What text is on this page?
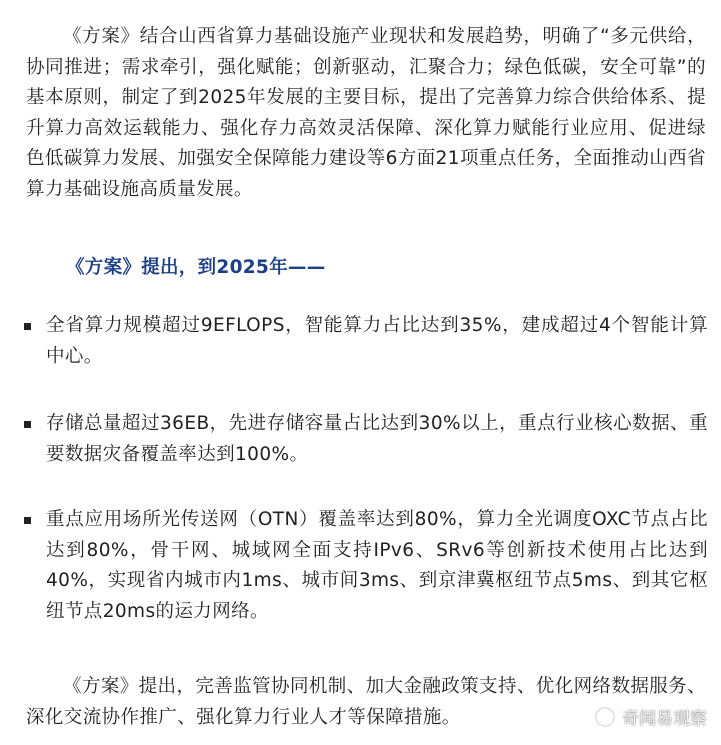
《方案》结合山西省算力基础设施产业现状和发展趋势，明确了“多元供给，协同推进；需求牵引，强化赋能；创新驱动，汇聚合力；绿色低碳，安全可靠”的基本原则，制定了到2025年发展的主要目标，提出了完善算力综合供给体系、提升算力高效运载能力、强化存力高效灵活保障、深化算力赋能行业应用、促进绿色低碳算力发展、加强安全保障能力建设等6方面21项重点任务，全面推动山西省算力基础设施高质量发展。

《方案》提出，到2025年——

全省算力规模超过9EFLOPS，智能算力占比达到35%，建成超过4个智能计算中心。
存储总量超过36EB，先进存储容量占比达到30%以上，重点行业核心数据、重要数据灾备覆盖率达到100%。
重点应用场所光传送网（OTN）覆盖率达到80%，算力全光调度OXC节点占比达到80%，骨干网、城域网全面支持IPv6、SRv6等创新技术使用占比达到40%，实现省内城市内1ms、城市间3ms、到京津冀枢纽节点5ms、到其它枢纽节点20ms的运力网络。

《方案》提出，完善监管协同机制、加大金融政策支持、优化网络数据服务、深化交流协作推广、强化算力行业人才等保障措施。	奇闻易观察
